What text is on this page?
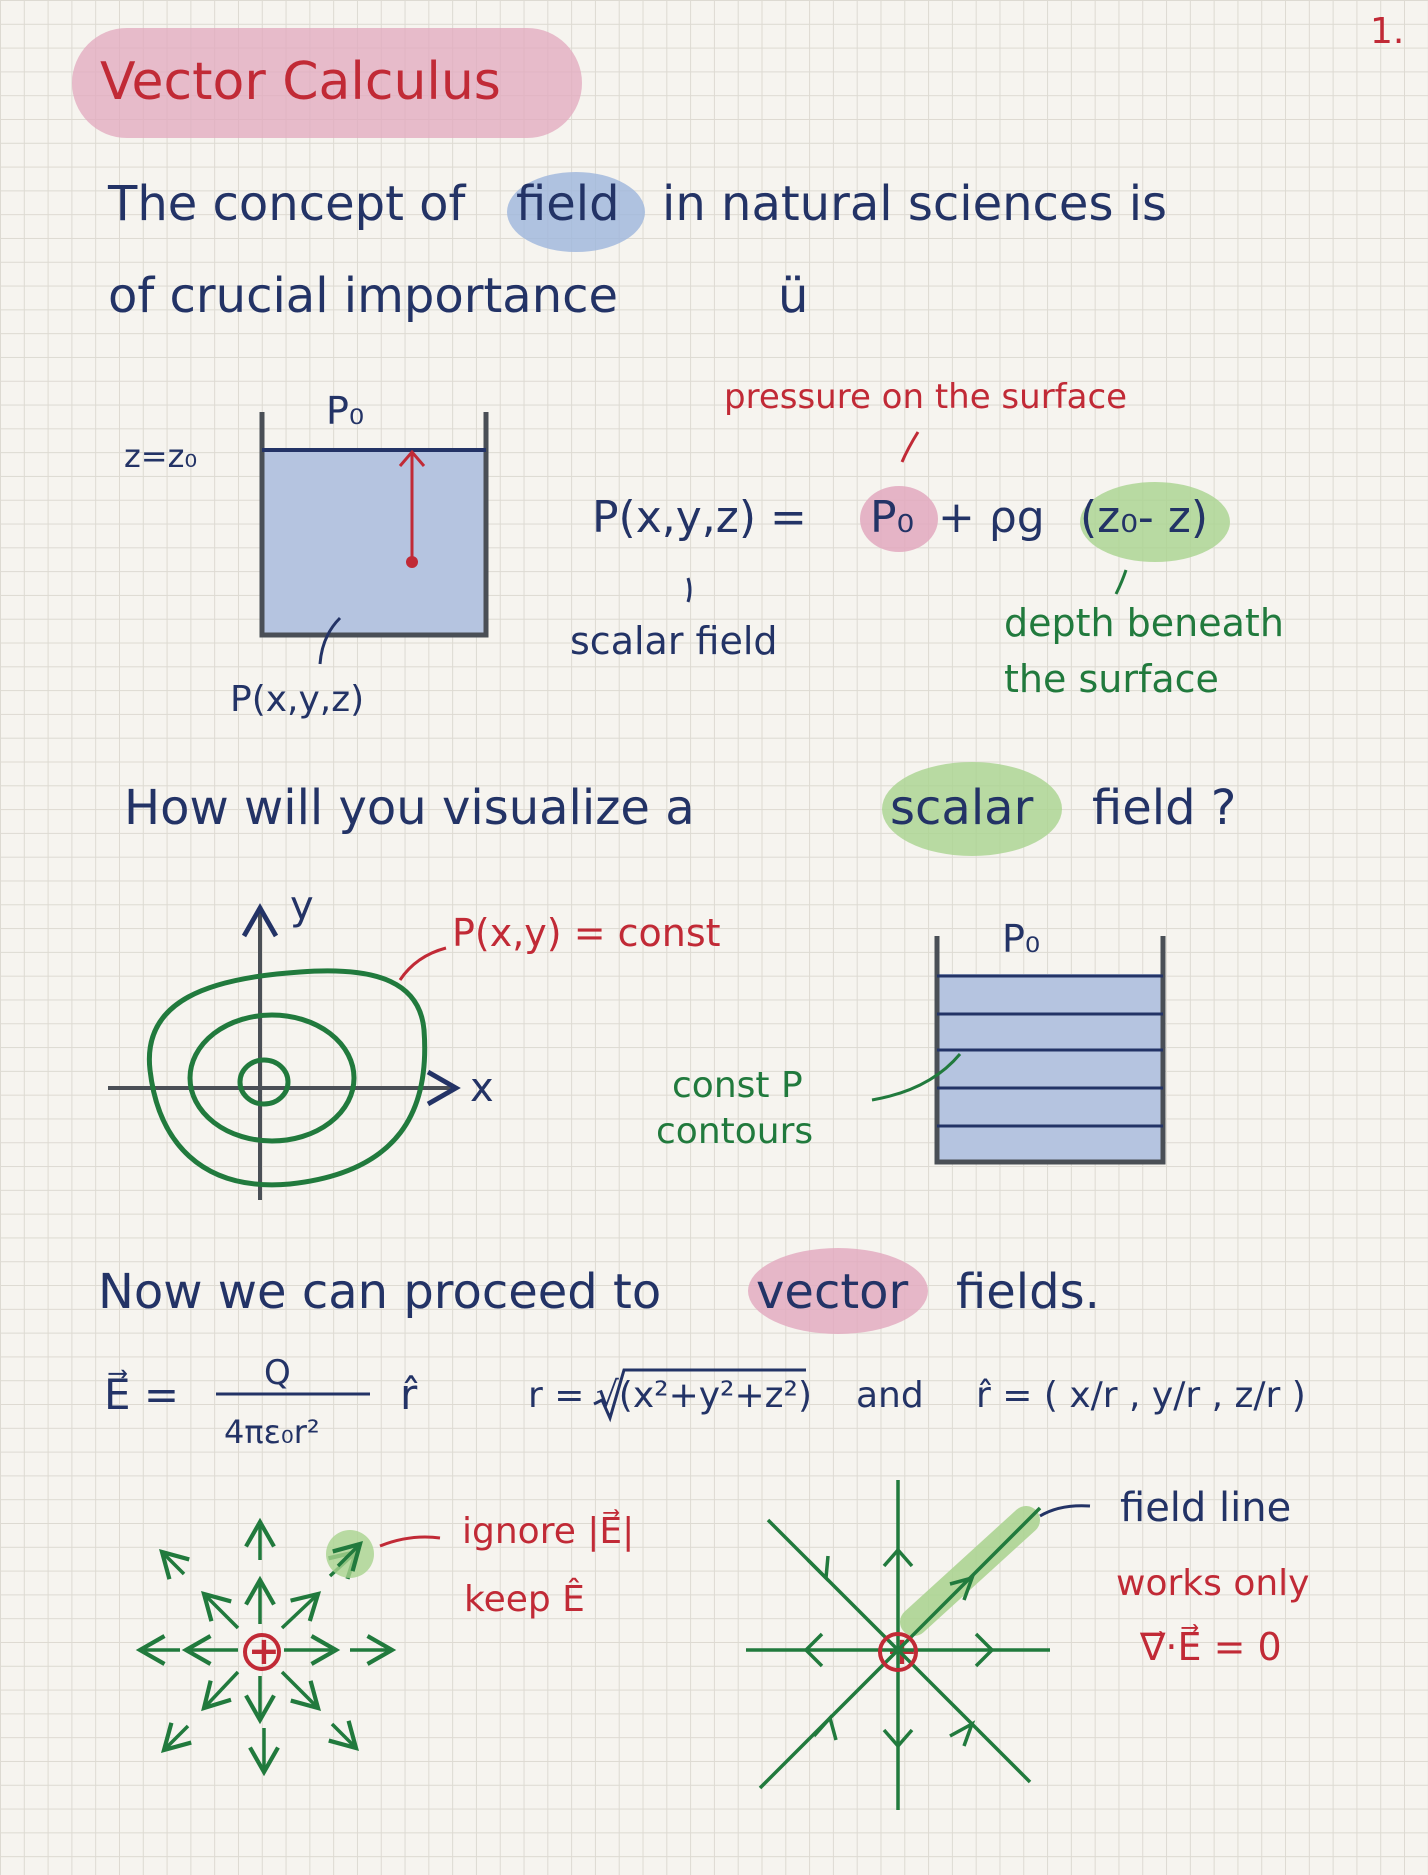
1.
Vector Calculus
The concept of field in natural sciences is
of crucial importance	ü
P₀
z=z₀
P(x,y,z)
pressure on the surface
P(x,y,z) = P₀ + ρg (z₀- z)
scalar field	depth beneath
the surface
How will you visualize a	scalar field ?
y
x
P(x,y) = const	P₀
const P
contours
Now we can proceed to vector fields.
E⃗ = Q
4πε₀r²
r̂	r = √(x²+y²+z²) and r̂ = ( x/r , y/r , z/r )
ignore |E⃗|
keep Ê
+
field line
works only
∇⃗·E⃗ = 0
+
